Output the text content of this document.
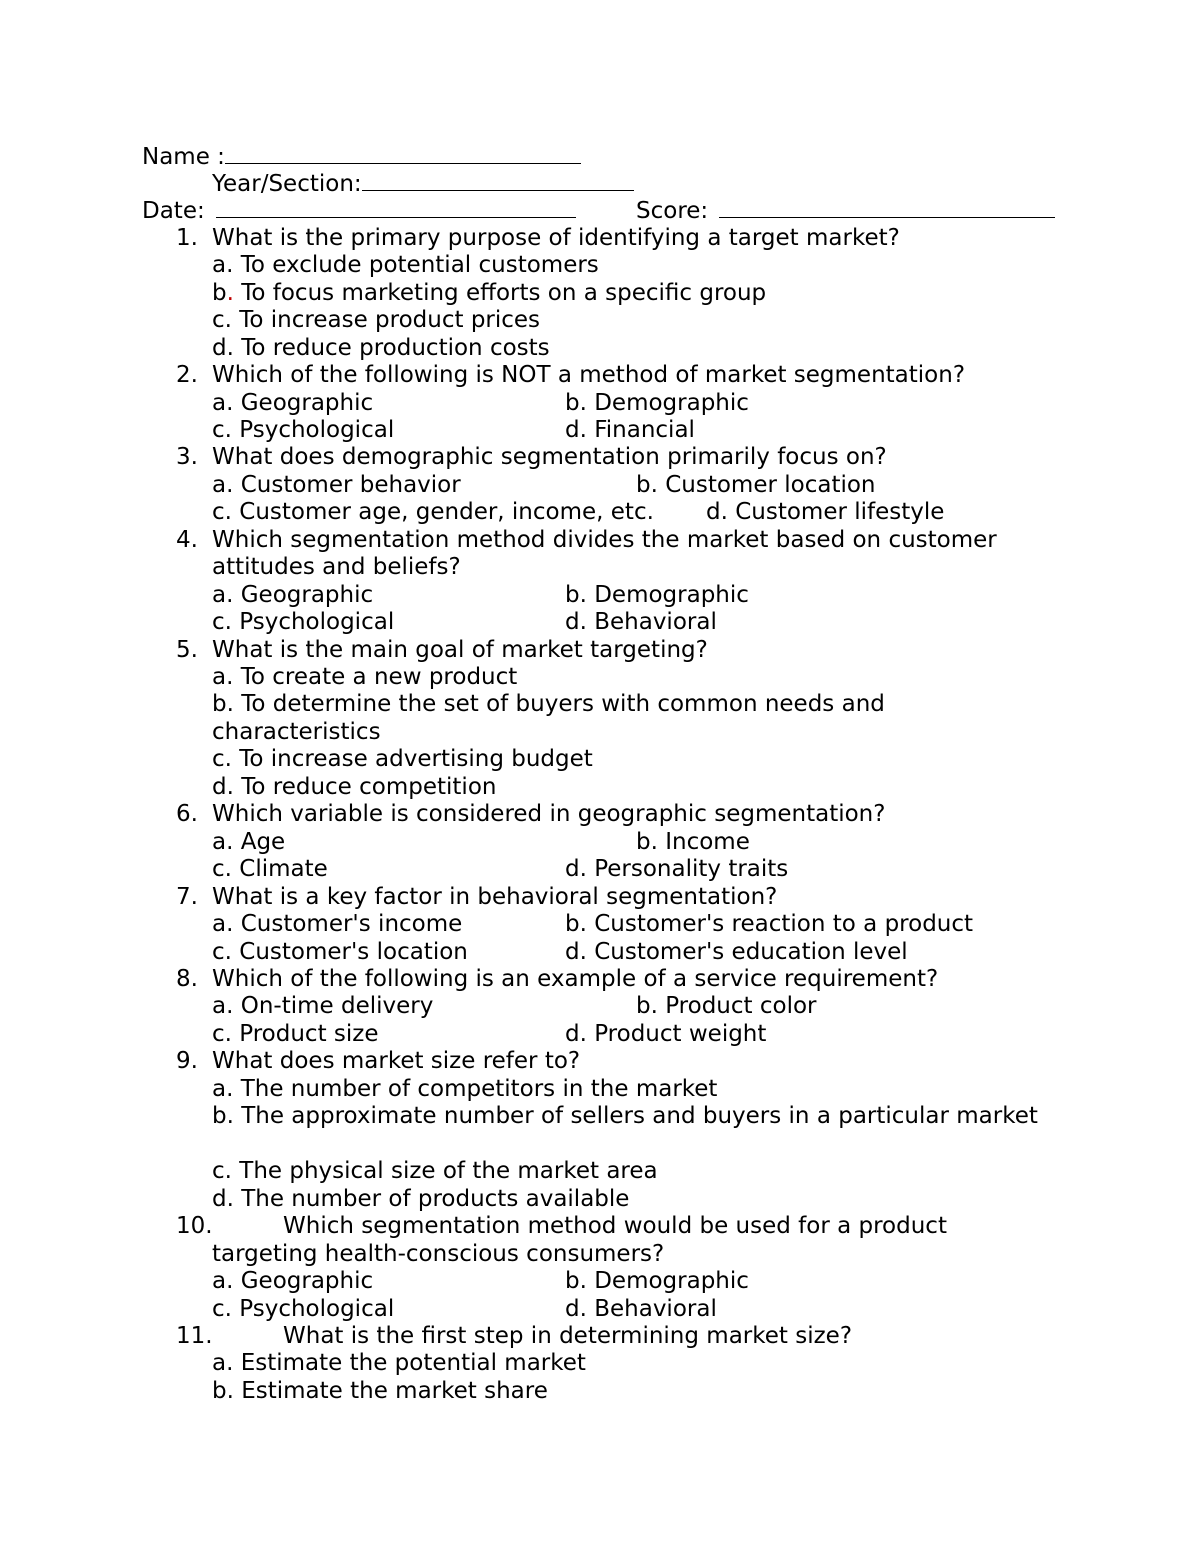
Name :
Year/Section:
Date:	Score:
1. What is the primary purpose of identifying a target market?
a. To exclude potential customers
b. To focus marketing efforts on a specific group
c. To increase product prices
d. To reduce production costs
2. Which of the following is NOT a method of market segmentation?
a. Geographic	b. Demographic
c. Psychological	d. Financial
3. What does demographic segmentation primarily focus on?
a. Customer behavior	b. Customer location
c. Customer age, gender, income, etc. d. Customer lifestyle
4. Which segmentation method divides the market based on customer
attitudes and beliefs?
a. Geographic	b. Demographic
c. Psychological	d. Behavioral
5. What is the main goal of market targeting?
a. To create a new product
b. To determine the set of buyers with common needs and
characteristics
c. To increase advertising budget
d. To reduce competition
6. Which variable is considered in geographic segmentation?
a. Age	b. Income
c. Climate	d. Personality traits
7. What is a key factor in behavioral segmentation?
a. Customer's income	b. Customer's reaction to a product
c. Customer's location	d. Customer's education level
8. Which of the following is an example of a service requirement?
a. On-time delivery	b. Product color
c. Product size	d. Product weight
9. What does market size refer to?
a. The number of competitors in the market
b. The approximate number of sellers and buyers in a particular market
c. The physical size of the market area
d. The number of products available
10.	Which segmentation method would be used for a product
targeting health-conscious consumers?
a. Geographic	b. Demographic
c. Psychological	d. Behavioral
11.	What is the first step in determining market size?
a. Estimate the potential market
b. Estimate the market share
